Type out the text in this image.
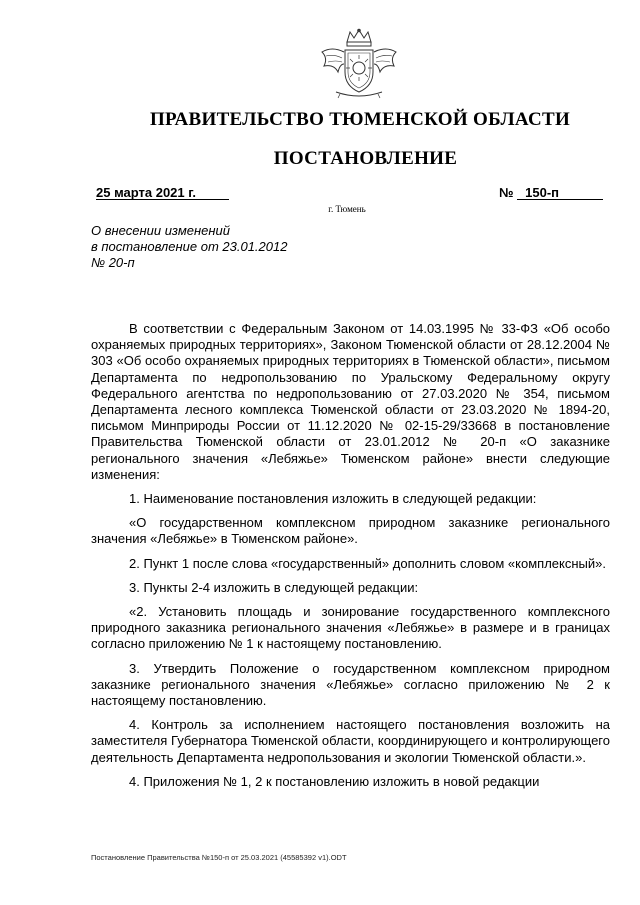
ПРАВИТЕЛЬСТВО ТЮМЕНСКОЙ ОБЛАСТИ
ПОСТАНОВЛЕНИЕ
25 марта 2021 г.	№ 150-п
г. Тюмень
О внесении изменений
в постановление от 23.01.2012
№ 20-п

В соответствии с Федеральным Законом от 14.03.1995 № 33-ФЗ «Об особо охраняемых природных территориях», Законом Тюменской области от 28.12.2004 № 303 «Об особо охраняемых природных территориях в Тюменской области», письмом Департамента по недропользованию по Уральскому Федеральному округу Федерального агентства по недропользованию от 27.03.2020 № 354, письмом Департамента лесного комплекса Тюменской области от 23.03.2020 № 1894-20, письмом Минприроды России от 11.12.2020 № 02-15-29/33668 в постановление Правительства Тюменской области от 23.01.2012 № 20-п «О заказнике регионального значения «Лебяжье» Тюменском районе» внести следующие изменения:

1. Наименование постановления изложить в следующей редакции:

«О государственном комплексном природном заказнике регионального значения «Лебяжье» в Тюменском районе».

2. Пункт 1 после слова «государственный» дополнить словом «комплексный».

3. Пункты 2-4 изложить в следующей редакции:

«2. Установить площадь и зонирование государственного комплексного природного заказника регионального значения «Лебяжье» в размере и в границах согласно приложению № 1 к настоящему постановлению.

3. Утвердить Положение о государственном комплексном природном заказнике регионального значения «Лебяжье» согласно приложению № 2 к настоящему постановлению.

4. Контроль за исполнением настоящего постановления возложить на заместителя Губернатора Тюменской области, координирующего и контролирующего деятельность Департамента недропользования и экологии Тюменской области.».

4. Приложения № 1, 2 к постановлению изложить в новой редакции

Постановление Правительства №150-п от 25.03.2021 (45585392 v1).ODT
